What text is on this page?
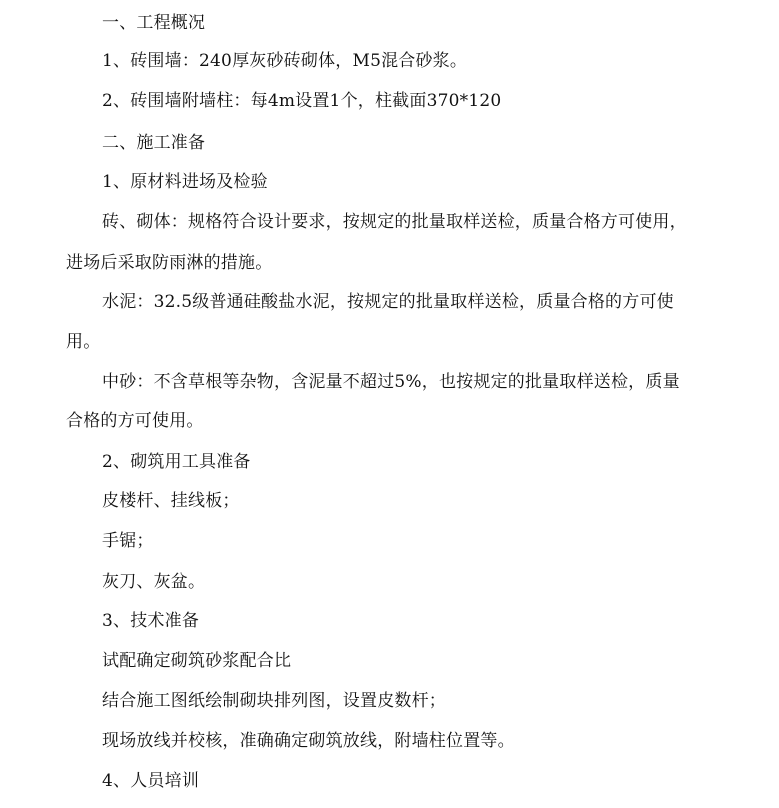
一、工程概况
1、砖围墙：240厚灰砂砖砌体，M5混合砂浆。
2、砖围墙附墙柱：每4m设置1个，柱截面370*120
二、施工准备
1、原材料进场及检验
砖、砌体：规格符合设计要求，按规定的批量取样送检，质量合格方可使用，
进场后采取防雨淋的措施。
水泥：32.5级普通硅酸盐水泥，按规定的批量取样送检，质量合格的方可使
用。
中砂：不含草根等杂物，含泥量不超过5%，也按规定的批量取样送检，质量
合格的方可使用。
2、砌筑用工具准备
皮楼杆、挂线板；
手锯；
灰刀、灰盆。
3、技术准备
试配确定砌筑砂浆配合比
结合施工图纸绘制砌块排列图，设置皮数杆；
现场放线并校核，准确确定砌筑放线，附墙柱位置等。
4、人员培训
